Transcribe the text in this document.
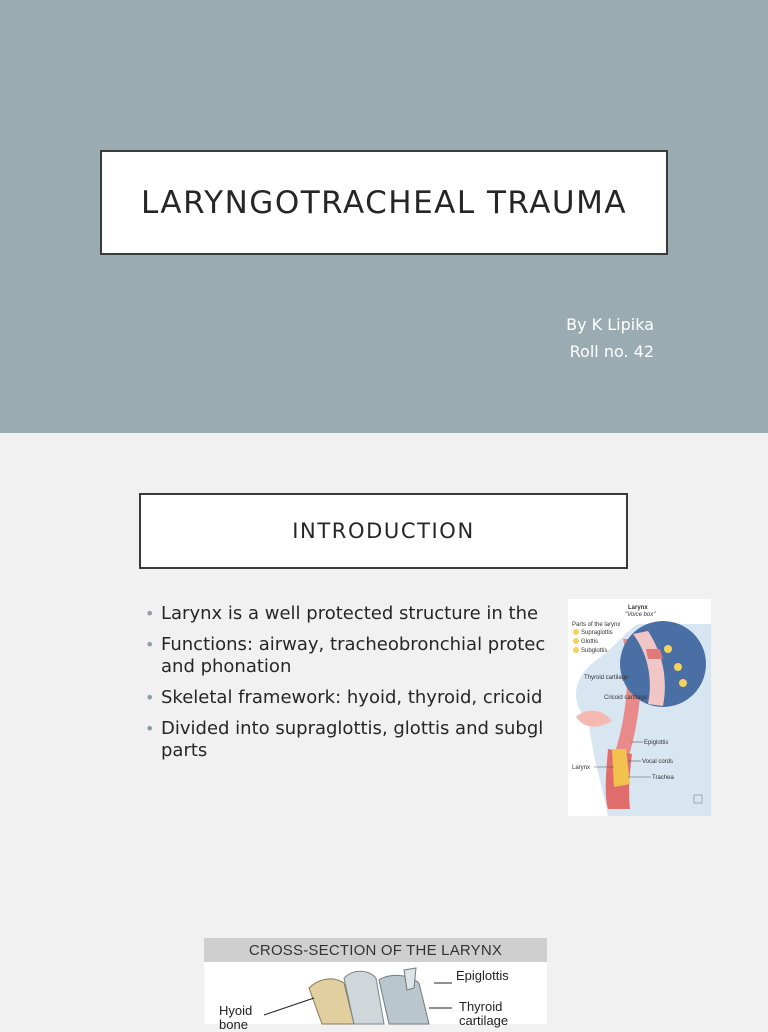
LARYNGOTRACHEAL TRAUMA
By K Lipika
Roll no. 42
INTRODUCTION
• Larynx is a well protected structure in the
• Functions: airway, tracheobronchial protec and phonation
• Skeletal framework: hyoid, thyroid, cricoid
• Divided into supraglottis, glottis and subgl parts
Larynx
"Voice box"
Parts of the larynx
Supraglottis
Glottis
Subglottis
Thyroid cartilage
Cricoid cartilage
Epiglottis
Vocal cords
Larynx
Trachea
CROSS-SECTION OF THE LARYNX
Epiglottis
Hyoid
bone
Thyroid
cartilage
